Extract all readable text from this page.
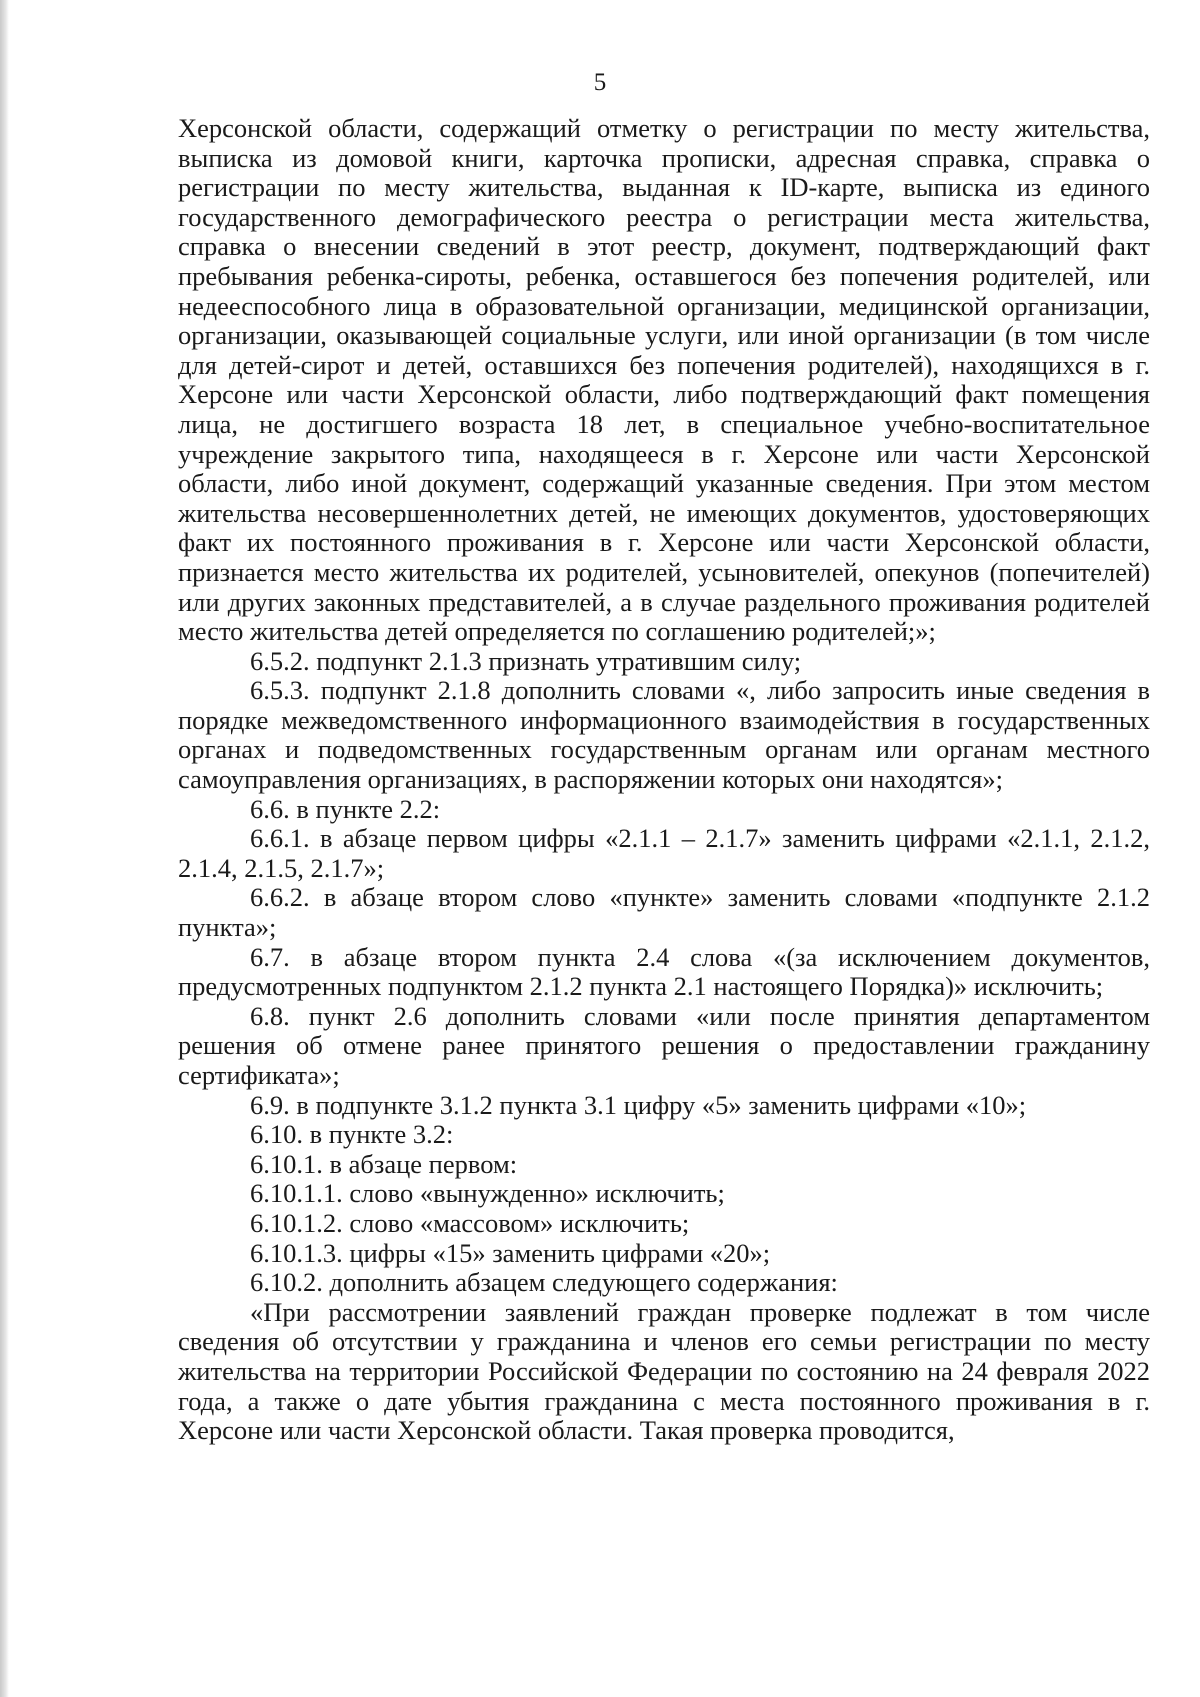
5

Херсонской области, содержащий отметку о регистрации по месту жительства, выписка из домовой книги, карточка прописки, адресная справка, справка о регистрации по месту жительства, выданная к ID-карте, выписка из единого государственного демографического реестра о регистрации места жительства, справка о внесении сведений в этот реестр, документ, подтверждающий факт пребывания ребенка-сироты, ребенка, оставшегося без попечения родителей, или недееспособного лица в образовательной организации, медицинской организации, организации, оказывающей социальные услуги, или иной организации (в том числе для детей-сирот и детей, оставшихся без попечения родителей), находящихся в г. Херсоне или части Херсонской области, либо подтверждающий факт помещения лица, не достигшего возраста 18 лет, в специальное учебно-воспитательное учреждение закрытого типа, находящееся в г. Херсоне или части Херсонской области, либо иной документ, содержащий указанные сведения. При этом местом жительства несовершеннолетних детей, не имеющих документов, удостоверяющих факт их постоянного проживания в г. Херсоне или части Херсонской области, признается место жительства их родителей, усыновителей, опекунов (попечителей) или других законных представителей, а в случае раздельного проживания родителей место жительства детей определяется по соглашению родителей;»;

6.5.2. подпункт 2.1.3 признать утратившим силу;

6.5.3. подпункт 2.1.8 дополнить словами «, либо запросить иные сведения в порядке межведомственного информационного взаимодействия в государственных органах и подведомственных государственным органам или органам местного самоуправления организациях, в распоряжении которых они находятся»;

6.6. в пункте 2.2:

6.6.1. в абзаце первом цифры «2.1.1 – 2.1.7» заменить цифрами «2.1.1, 2.1.2, 2.1.4, 2.1.5, 2.1.7»;

6.6.2. в абзаце втором слово «пункте» заменить словами «подпункте 2.1.2 пункта»;

6.7. в абзаце втором пункта 2.4 слова «(за исключением документов, предусмотренных подпунктом 2.1.2 пункта 2.1 настоящего Порядка)» исключить;

6.8. пункт 2.6 дополнить словами «или после принятия департаментом решения об отмене ранее принятого решения о предоставлении гражданину сертификата»;

6.9. в подпункте 3.1.2 пункта 3.1 цифру «5» заменить цифрами «10»;

6.10. в пункте 3.2:

6.10.1. в абзаце первом:

6.10.1.1. слово «вынужденно» исключить;

6.10.1.2. слово «массовом» исключить;

6.10.1.3. цифры «15» заменить цифрами «20»;

6.10.2. дополнить абзацем следующего содержания:

«При рассмотрении заявлений граждан проверке подлежат в том числе сведения об отсутствии у гражданина и членов его семьи регистрации по месту жительства на территории Российской Федерации по состоянию на 24 февраля 2022 года, а также о дате убытия гражданина с места постоянного проживания в г. Херсоне или части Херсонской области. Такая проверка проводится,
